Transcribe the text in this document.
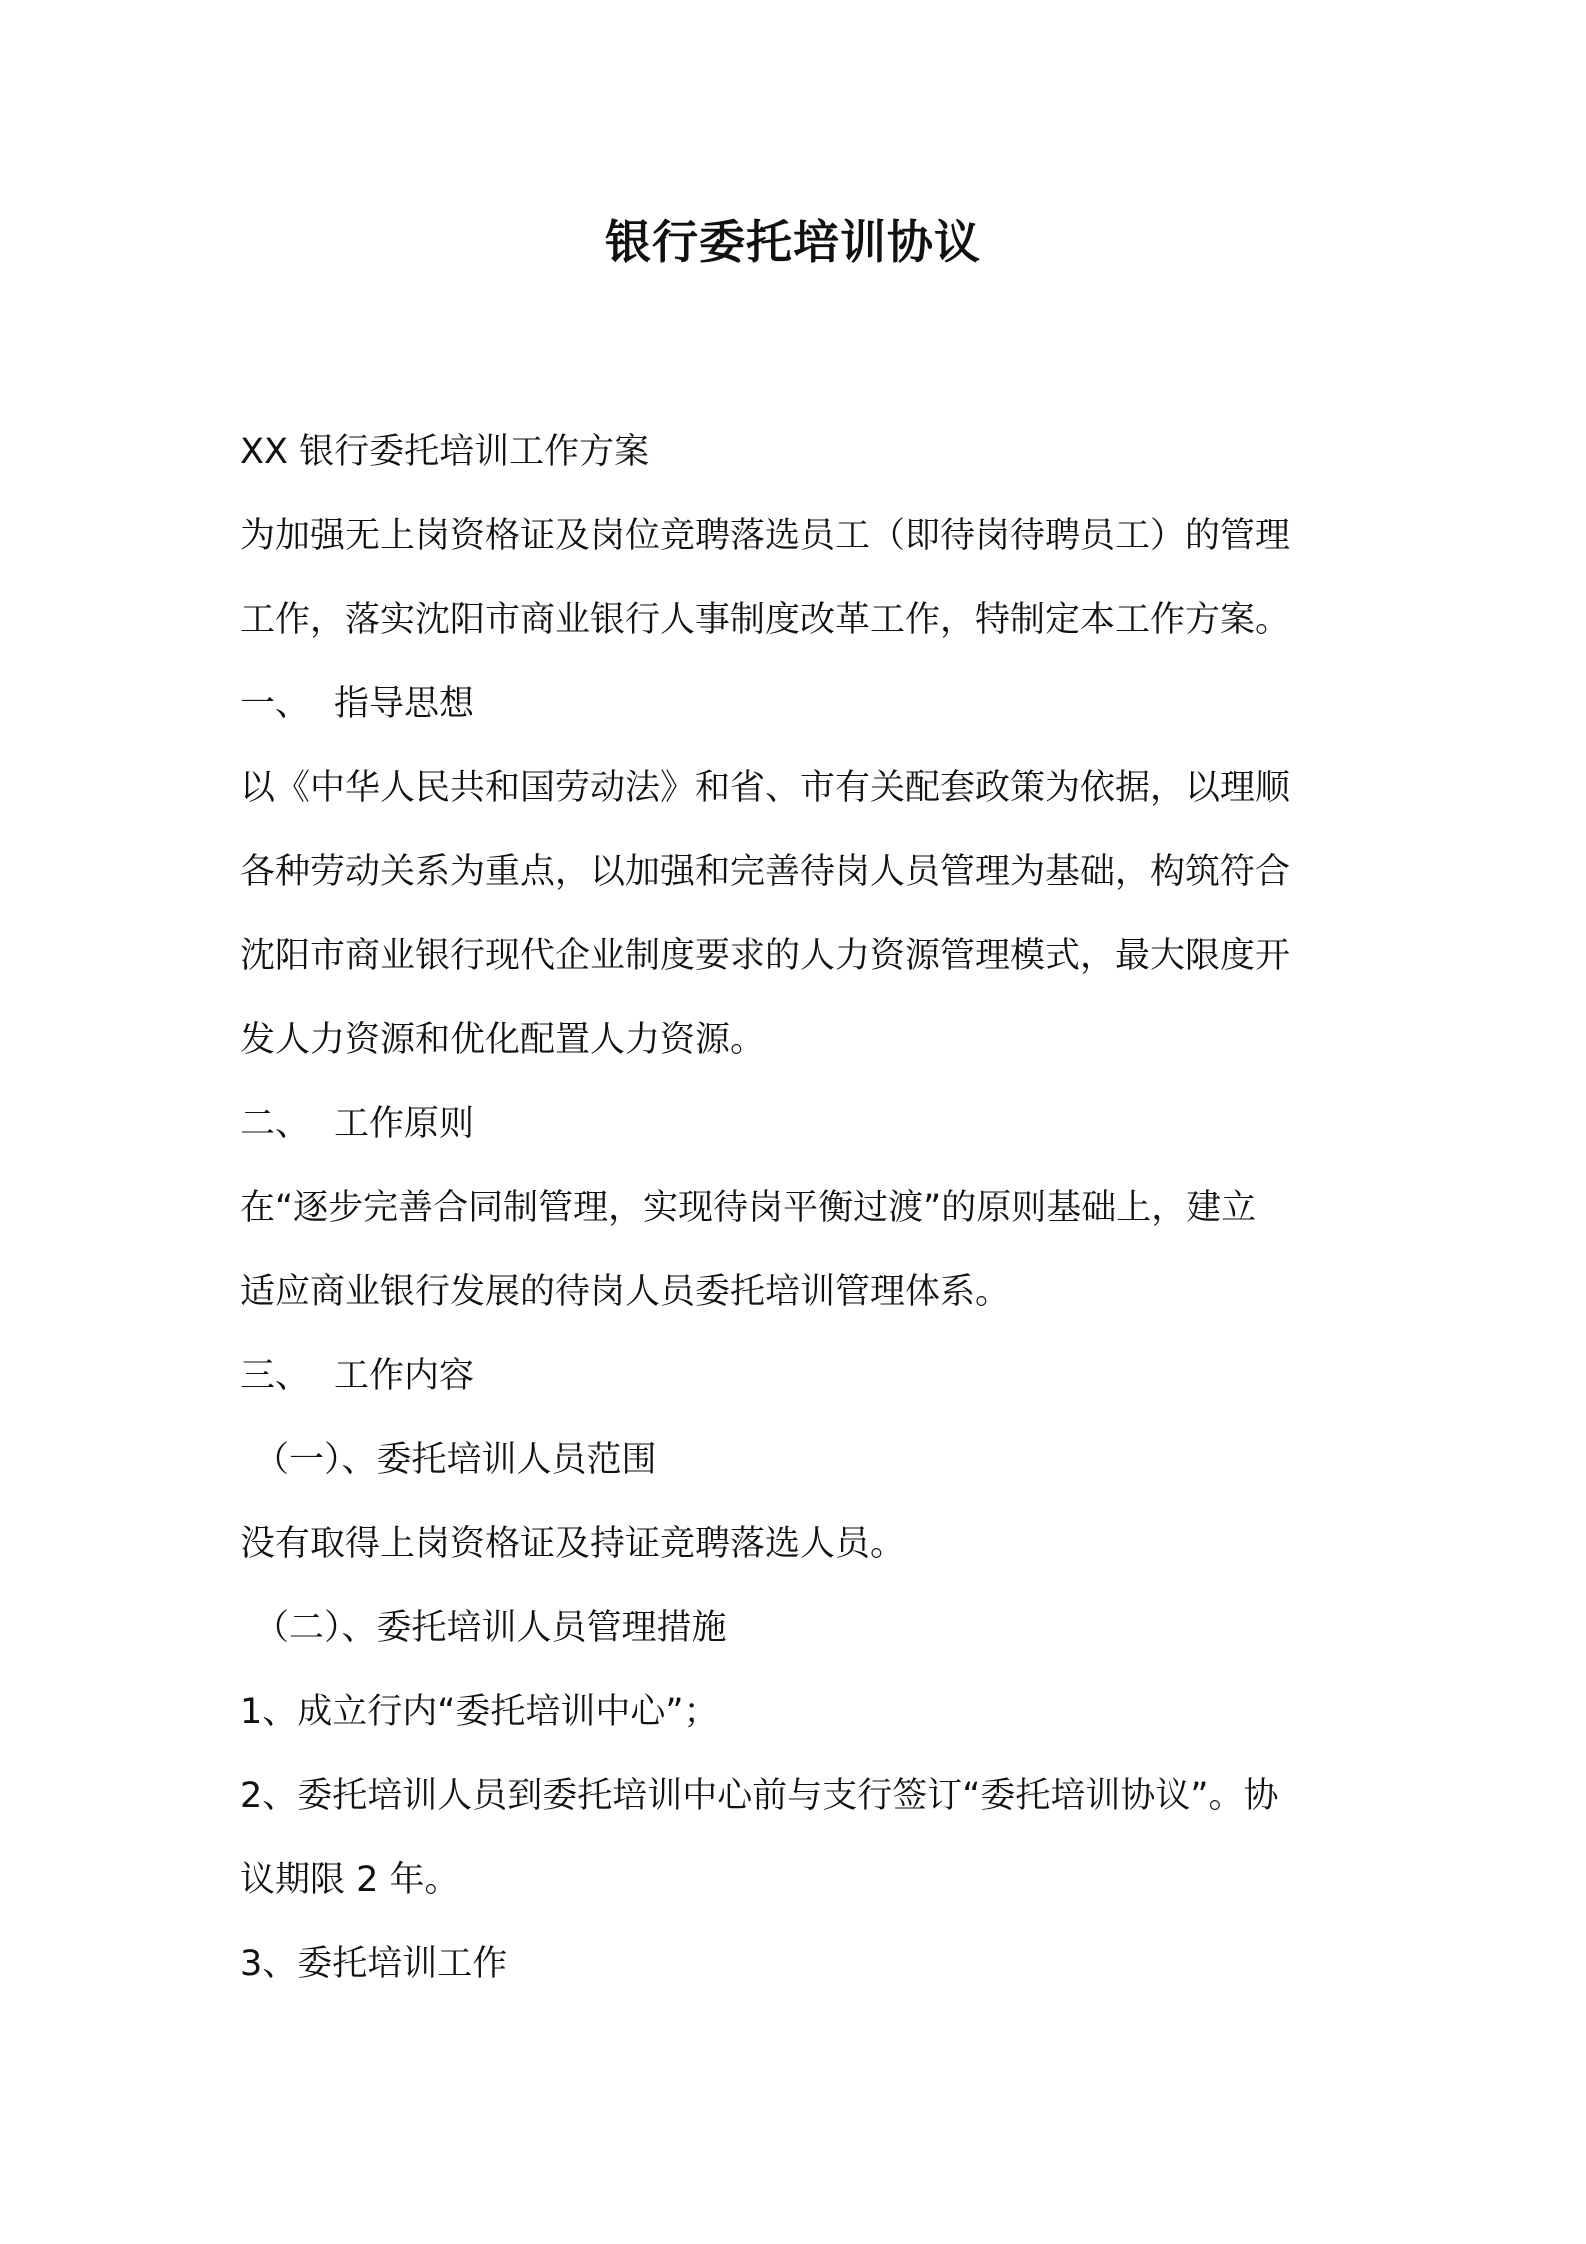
银行委托培训协议
XX 银行委托培训工作方案
为加强无上岗资格证及岗位竞聘落选员工（即待岗待聘员工）的管理
工作，落实沈阳市商业银行人事制度改革工作，特制定本工作方案。
一、 指导思想
以《中华人民共和国劳动法》和省、市有关配套政策为依据，以理顺
各种劳动关系为重点，以加强和完善待岗人员管理为基础，构筑符合
沈阳市商业银行现代企业制度要求的人力资源管理模式，最大限度开
发人力资源和优化配置人力资源。
二、 工作原则
在“逐步完善合同制管理，实现待岗平衡过渡”的原则基础上，建立
适应商业银行发展的待岗人员委托培训管理体系。
三、 工作内容
（一）、委托培训人员范围
没有取得上岗资格证及持证竞聘落选人员。
（二）、委托培训人员管理措施
1、成立行内“委托培训中心”；
2、委托培训人员到委托培训中心前与支行签订“委托培训协议”。协
议期限 2 年。
3、委托培训工作
